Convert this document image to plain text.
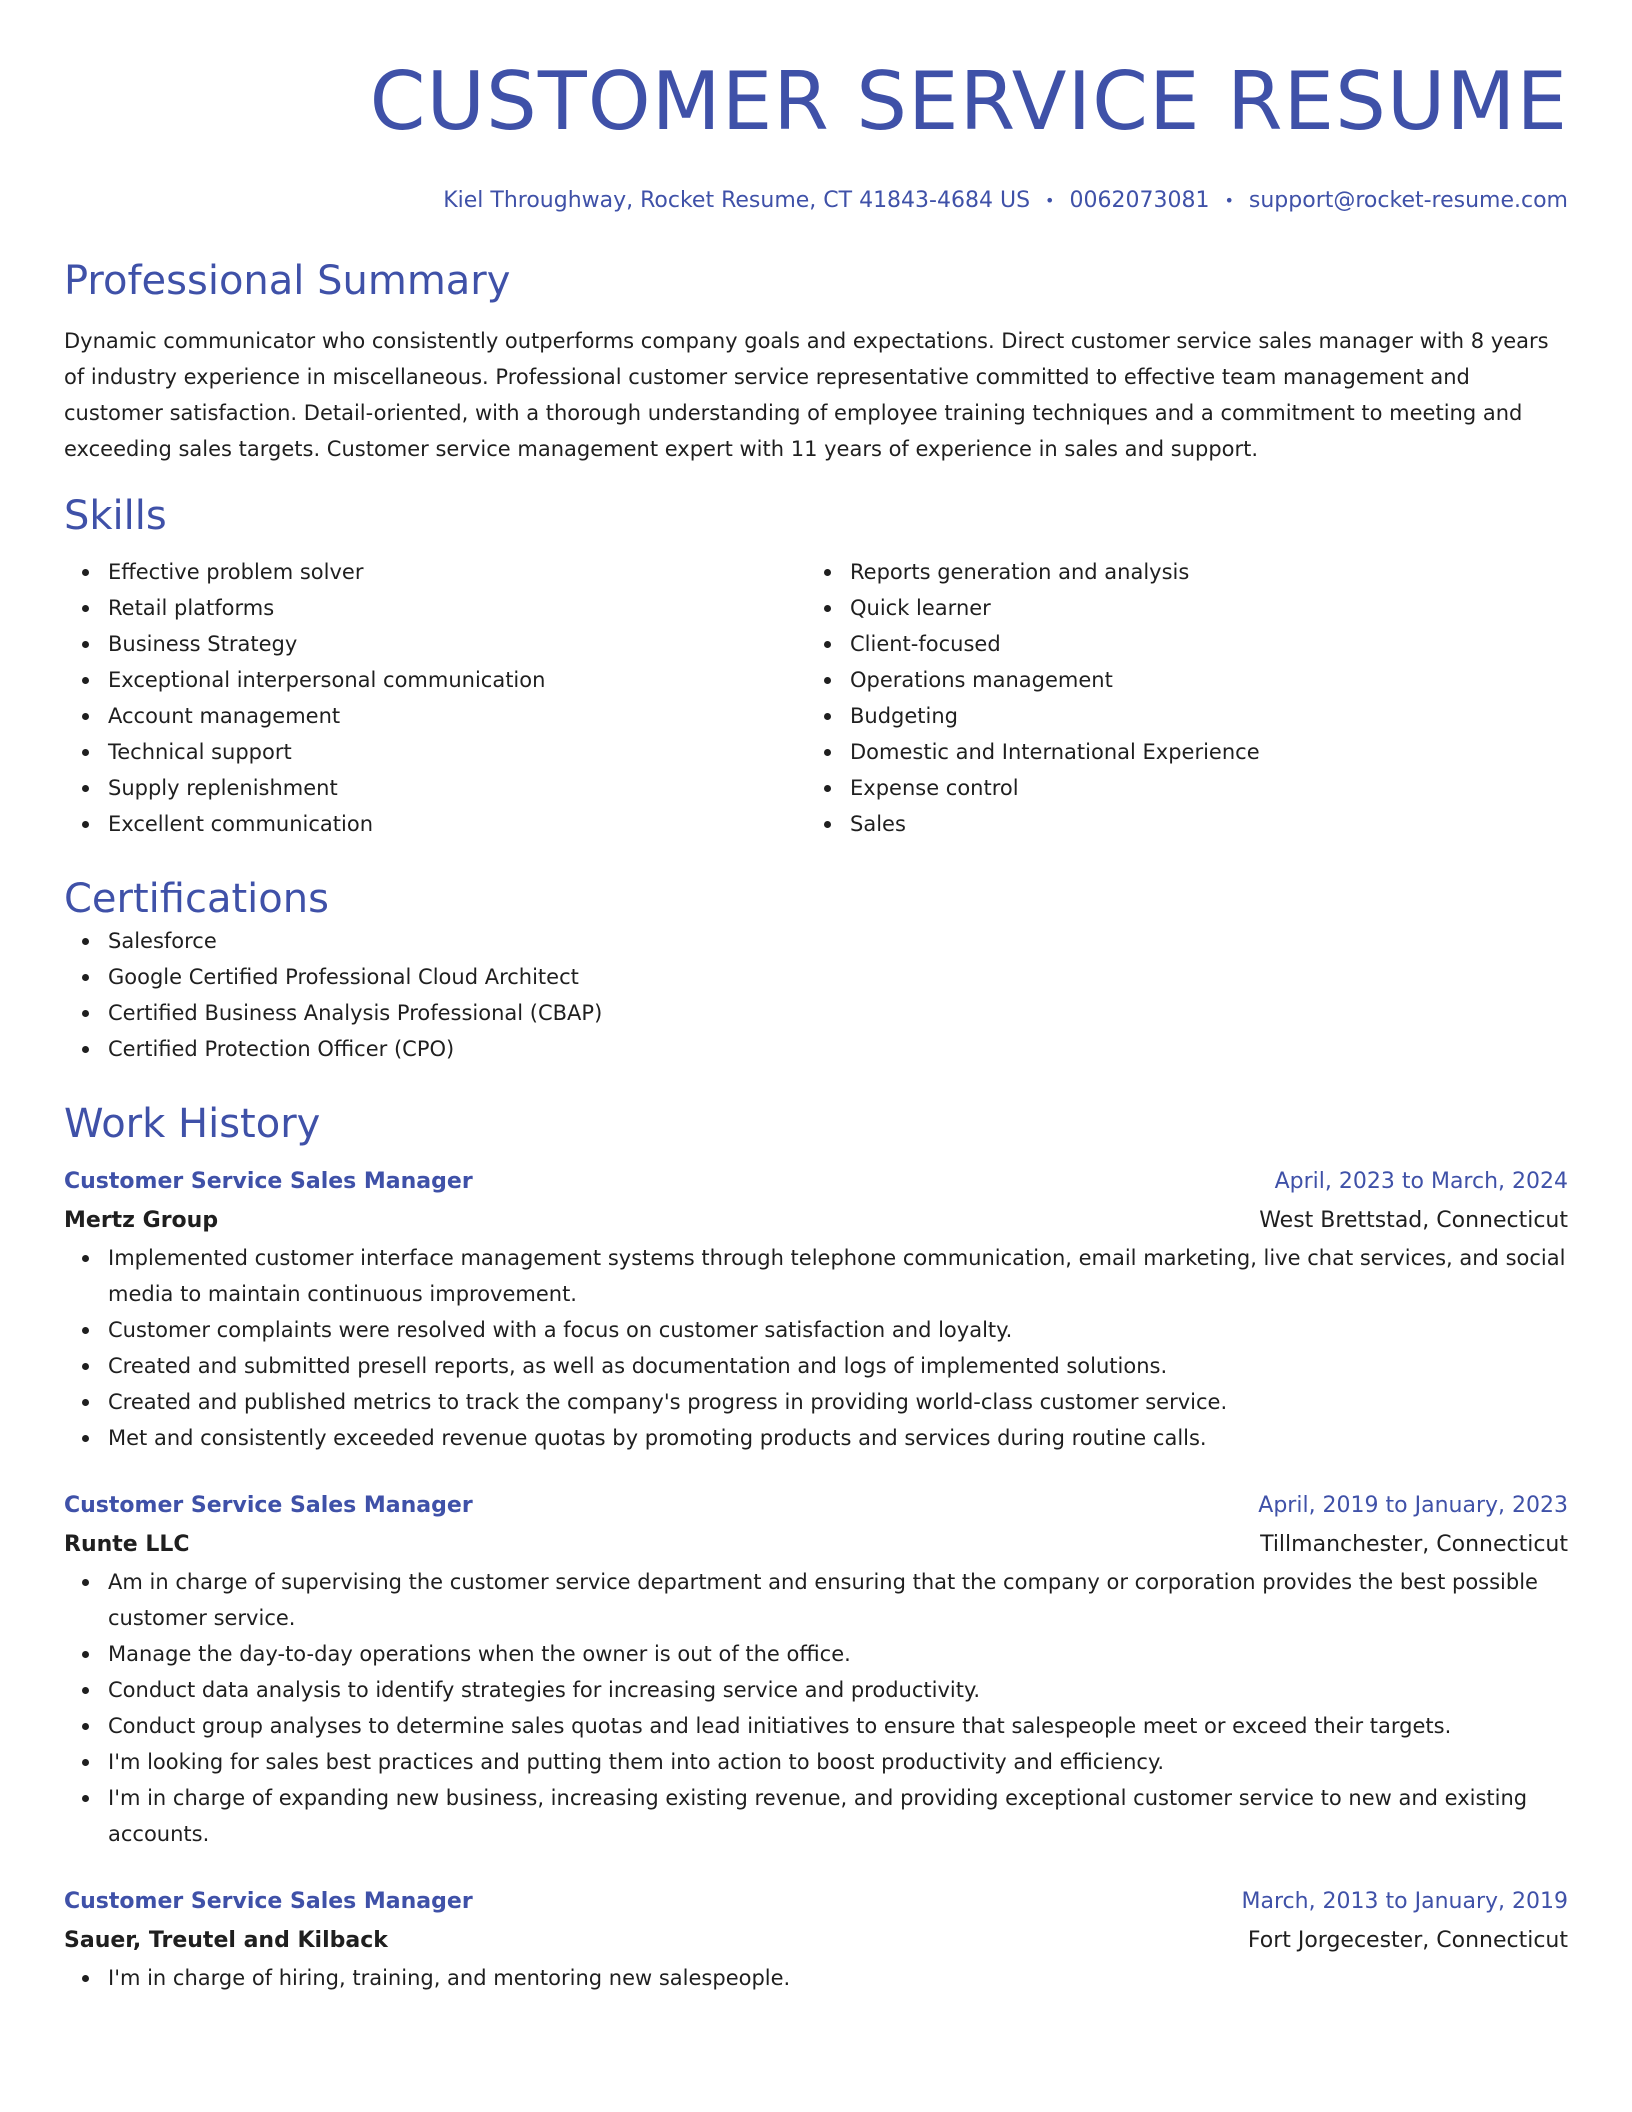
CUSTOMER SERVICE RESUME
Kiel Throughway, Rocket Resume, CT 41843-4684 US • 0062073081 • support@rocket-resume.com
Professional Summary

Dynamic communicator who consistently outperforms company goals and expectations. Direct customer service sales manager with 8 years of industry experience in miscellaneous. Professional customer service representative committed to effective team management and customer satisfaction. Detail-oriented, with a thorough understanding of employee training techniques and a commitment to meeting and exceeding sales targets. Customer service management expert with 11 years of experience in sales and support.

Skills
Effective problem solver
Retail platforms
Business Strategy
Exceptional interpersonal communication
Account management
Technical support
Supply replenishment
Excellent communication
Reports generation and analysis
Quick learner
Client-focused
Operations management
Budgeting
Domestic and International Experience
Expense control
Sales
Certifications
Salesforce
Google Certified Professional Cloud Architect
Certified Business Analysis Professional (CBAP)
Certified Protection Officer (CPO)
Work History
Customer Service Sales Manager	April, 2023 to March, 2024
Mertz Group	West Brettstad, Connecticut
Implemented customer interface management systems through telephone communication, email marketing, live chat services, and social media to maintain continuous improvement.
Customer complaints were resolved with a focus on customer satisfaction and loyalty.
Created and submitted presell reports, as well as documentation and logs of implemented solutions.
Created and published metrics to track the company's progress in providing world-class customer service.
Met and consistently exceeded revenue quotas by promoting products and services during routine calls.
Customer Service Sales Manager	April, 2019 to January, 2023
Runte LLC	Tillmanchester, Connecticut
Am in charge of supervising the customer service department and ensuring that the company or corporation provides the best possible customer service.
Manage the day-to-day operations when the owner is out of the office.
Conduct data analysis to identify strategies for increasing service and productivity.
Conduct group analyses to determine sales quotas and lead initiatives to ensure that salespeople meet or exceed their targets.
I'm looking for sales best practices and putting them into action to boost productivity and efficiency.
I'm in charge of expanding new business, increasing existing revenue, and providing exceptional customer service to new and existing accounts.
Customer Service Sales Manager	March, 2013 to January, 2019
Sauer, Treutel and Kilback	Fort Jorgecester, Connecticut
I'm in charge of hiring, training, and mentoring new salespeople.
